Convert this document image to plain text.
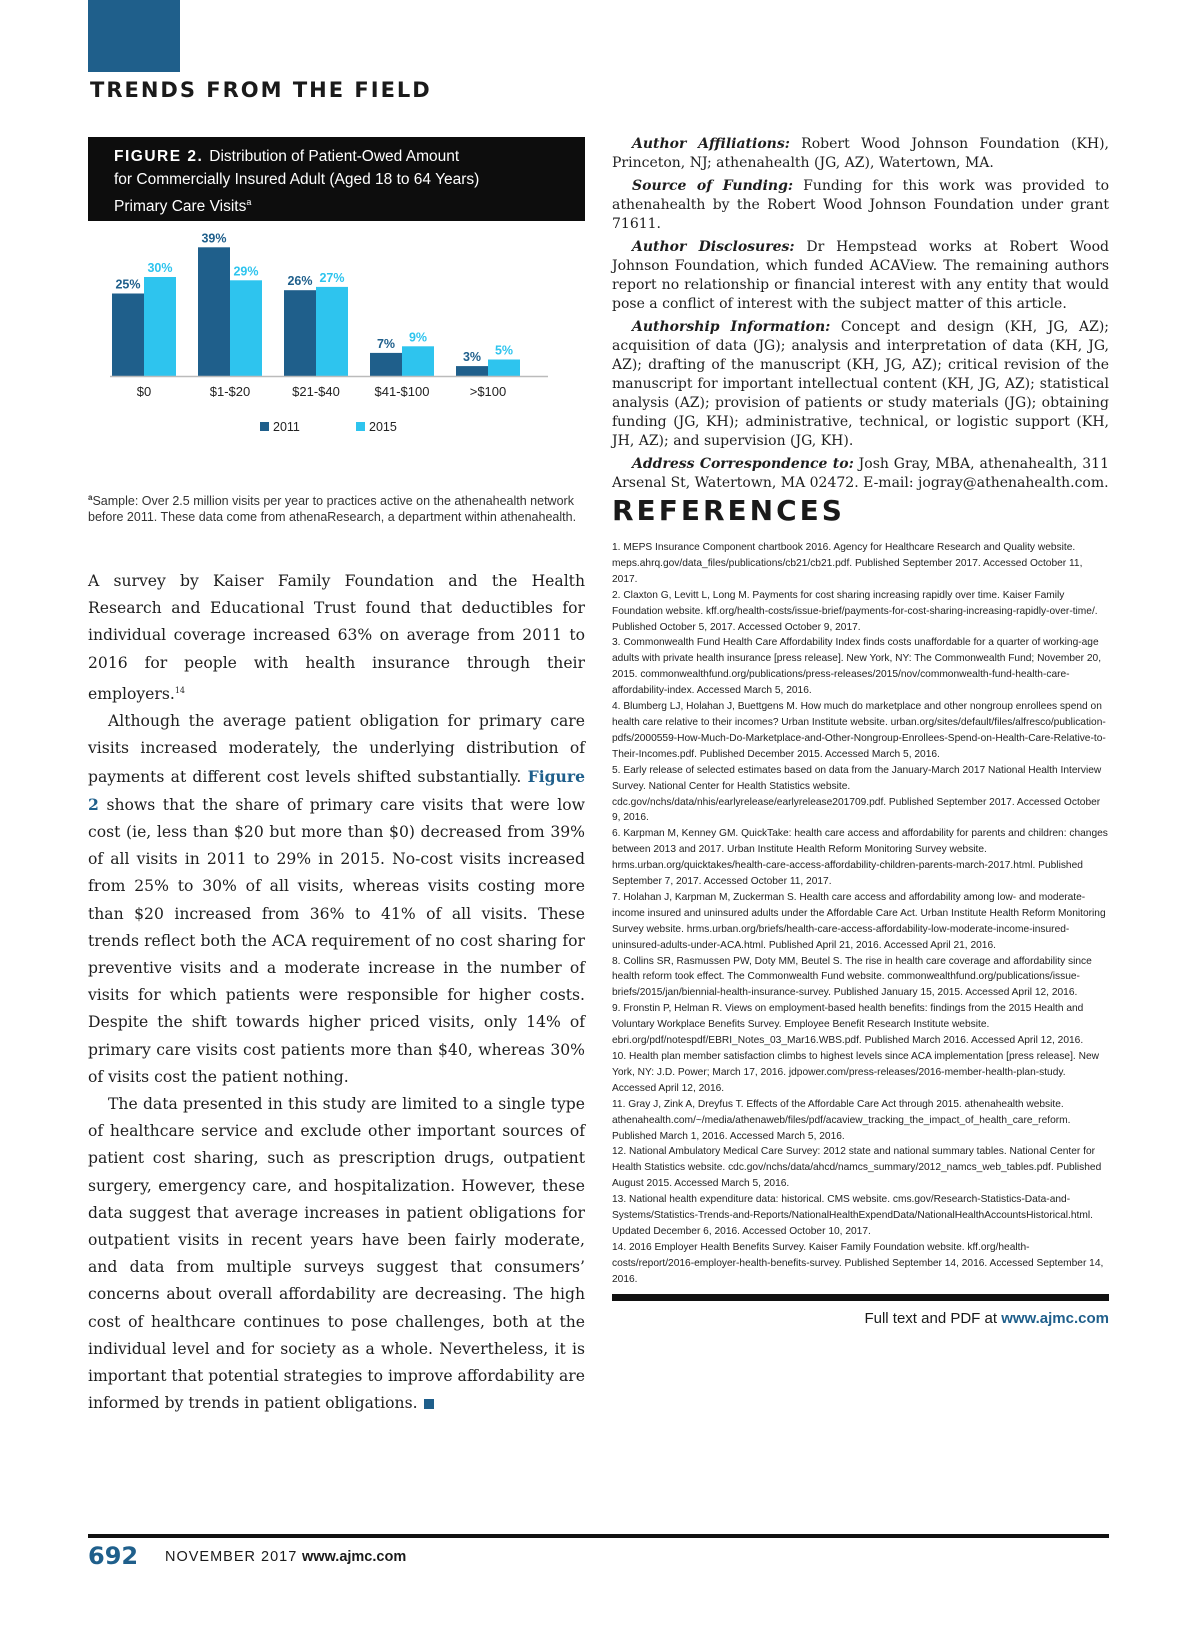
TRENDS FROM THE FIELD
FIGURE 2. Distribution of Patient-Owed Amount
for Commercially Insured Adult (Aged 18 to 64 Years)
Primary Care Visits$^a$
25%
30%
$0
39%
29%
$1-$20
26% 27%
$21-$40
7% 9%
$41-$100
3% 5%
>$100
2011	2015
$^a$Sample: Over 2.5 million visits per year to practices active on the athenahealth network before 2011. These data come from athenaResearch, a department within athenahealth.

A survey by Kaiser Family Foundation and the Health Research and Educational Trust found that deductibles for individual coverage increased 63% on average from 2011 to 2016 for people with health insurance through their employers.$^{14}$

Although the average patient obligation for primary care visits increased moderately, the underlying distribution of payments at different cost levels shifted substantially. Figure 2 shows that the share of primary care visits that were low cost (ie, less than $20 but more than $0) decreased from 39% of all visits in 2011 to 29% in 2015. No-cost visits increased from 25% to 30% of all visits, whereas visits costing more than $20 increased from 36% to 41% of all visits. These trends reflect both the ACA requirement of no cost sharing for preventive visits and a moderate increase in the number of visits for which patients were responsible for higher costs. Despite the shift towards higher priced visits, only 14% of primary care visits cost patients more than $40, whereas 30% of visits cost the patient nothing.

The data presented in this study are limited to a single type of healthcare service and exclude other important sources of patient cost sharing, such as prescription drugs, outpatient surgery, emergency care, and hospitalization. However, these data suggest that average increases in patient obligations for outpatient visits in recent years have been fairly moderate, and data from multiple surveys suggest that consumers’ concerns about overall affordability are decreasing. The high cost of healthcare continues to pose challenges, both at the individual level and for society as a whole. Nevertheless, it is important that potential strategies to improve affordability are informed by trends in patient obligations.

Author Affiliations: Robert Wood Johnson Foundation (KH), Princeton, NJ; athenahealth (JG, AZ), Watertown, MA.

Source of Funding: Funding for this work was provided to athenahealth by the Robert Wood Johnson Foundation under grant 71611.

Author Disclosures: Dr Hempstead works at Robert Wood Johnson Foundation, which funded ACAView. The remaining authors report no relationship or financial interest with any entity that would pose a conflict of interest with the subject matter of this article.

Authorship Information: Concept and design (KH, JG, AZ); acquisition of data (JG); analysis and interpretation of data (KH, JG, AZ); drafting of the manuscript (KH, JG, AZ); critical revision of the manuscript for important intellectual content (KH, JG, AZ); statistical analysis (AZ); provision of patients or study materials (JG); obtaining funding (JG, KH); administrative, technical, or logistic support (KH, JH, AZ); and supervision (JG, KH).

Address Correspondence to: Josh Gray, MBA, athenahealth, 311 Arsenal St, Watertown, MA 02472. E-mail: jogray@athenahealth.com.

REFERENCES

1. MEPS Insurance Component chartbook 2016. Agency for Healthcare Research and Quality website. meps.ahrq.gov/data_files/publications/cb21/cb21.pdf. Published September 2017. Accessed October 11, 2017.

2. Claxton G, Levitt L, Long M. Payments for cost sharing increasing rapidly over time. Kaiser Family Foundation website. kff.org/health-costs/issue-brief/payments-for-cost-sharing-increasing-rapidly-over-time/. Published October 5, 2017. Accessed October 9, 2017.

3. Commonwealth Fund Health Care Affordability Index finds costs unaffordable for a quarter of working-age adults with private health insurance [press release]. New York, NY: The Commonwealth Fund; November 20, 2015. commonwealthfund.org/publications/press-releases/2015/nov/commonwealth-fund-health-care-affordability-index. Accessed March 5, 2016.

4. Blumberg LJ, Holahan J, Buettgens M. How much do marketplace and other nongroup enrollees spend on health care relative to their incomes? Urban Institute website. urban.org/sites/default/files/alfresco/publication-pdfs/2000559-How-Much-Do-Marketplace-and-Other-Nongroup-Enrollees-Spend-on-Health-Care-Relative-to-Their-Incomes.pdf. Published December 2015. Accessed March 5, 2016.

5. Early release of selected estimates based on data from the January-March 2017 National Health Interview Survey. National Center for Health Statistics website. cdc.gov/nchs/data/nhis/earlyrelease/earlyrelease201709.pdf. Published September 2017. Accessed October 9, 2016.

6. Karpman M, Kenney GM. QuickTake: health care access and affordability for parents and children: changes between 2013 and 2017. Urban Institute Health Reform Monitoring Survey website. hrms.urban.org/quicktakes/health-care-access-affordability-children-parents-march-2017.html. Published September 7, 2017. Accessed October 11, 2017.

7. Holahan J, Karpman M, Zuckerman S. Health care access and affordability among low- and moderate-income insured and uninsured adults under the Affordable Care Act. Urban Institute Health Reform Monitoring Survey website. hrms.urban.org/briefs/health-care-access-affordability-low-moderate-income-insured-uninsured-adults-under-ACA.html. Published April 21, 2016. Accessed April 21, 2016.

8. Collins SR, Rasmussen PW, Doty MM, Beutel S. The rise in health care coverage and affordability since health reform took effect. The Commonwealth Fund website. commonwealthfund.org/publications/issue-briefs/2015/jan/biennial-health-insurance-survey. Published January 15, 2015. Accessed April 12, 2016.

9. Fronstin P, Helman R. Views on employment-based health benefits: findings from the 2015 Health and Voluntary Workplace Benefits Survey. Employee Benefit Research Institute website. ebri.org/pdf/notespdf/EBRI_Notes_03_Mar16.WBS.pdf. Published March 2016. Accessed April 12, 2016.

10. Health plan member satisfaction climbs to highest levels since ACA implementation [press release]. New York, NY: J.D. Power; March 17, 2016. jdpower.com/press-releases/2016-member-health-plan-study. Accessed April 12, 2016.

11. Gray J, Zink A, Dreyfus T. Effects of the Affordable Care Act through 2015. athenahealth website. athenahealth.com/~/media/athenaweb/files/pdf/acaview_tracking_the_impact_of_health_care_reform. Published March 1, 2016. Accessed March 5, 2016.

12. National Ambulatory Medical Care Survey: 2012 state and national summary tables. National Center for Health Statistics website. cdc.gov/nchs/data/ahcd/namcs_summary/2012_namcs_web_tables.pdf. Published August 2015. Accessed March 5, 2016.

13. National health expenditure data: historical. CMS website. cms.gov/Research-Statistics-Data-and-Systems/Statistics-Trends-and-Reports/NationalHealthExpendData/NationalHealthAccountsHistorical.html. Updated December 6, 2016. Accessed October 10, 2017.

14. 2016 Employer Health Benefits Survey. Kaiser Family Foundation website. kff.org/health-costs/report/2016-employer-health-benefits-survey. Published September 14, 2016. Accessed September 14, 2016.

Full text and PDF at www.ajmc.com
692 NOVEMBER 2017 www.ajmc.com
